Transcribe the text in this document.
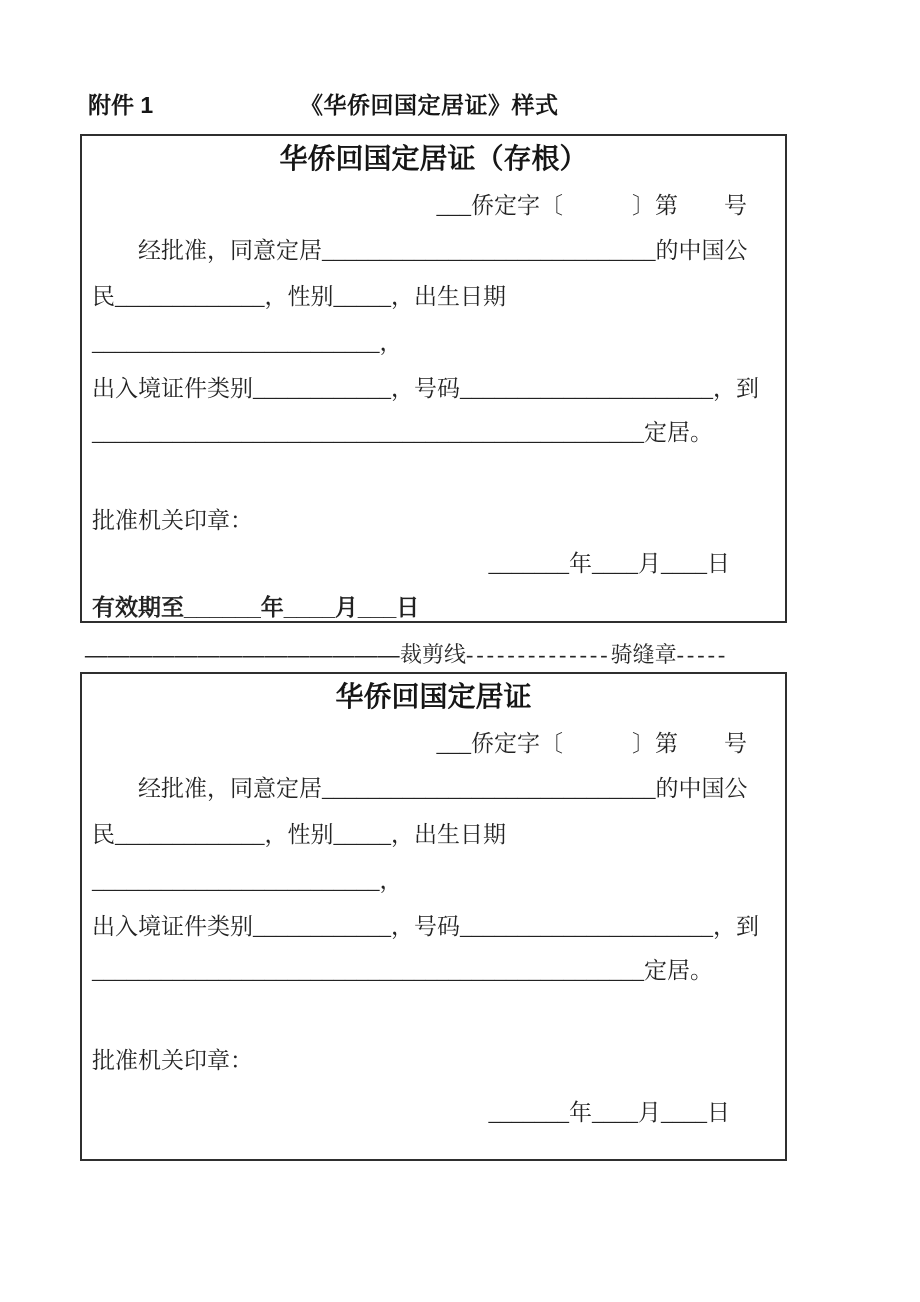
附件 1	《华侨回国定居证》样式
华侨回国定居证（存根）
___侨定字〔　　　〕第　　号
经批准，同意定居_____________________________的中国公
民_____________，性别_____，出生日期
_________________________，
出入境证件类别____________，号码______________________，到
________________________________________________定居。
批准机关印章：
_______年____月____日
有效期至______年____月___日
——————————————裁剪线--------------骑缝章-----
华侨回国定居证
___侨定字〔　　　〕第　　号
经批准，同意定居_____________________________的中国公
民_____________，性别_____，出生日期
_________________________，
出入境证件类别____________，号码______________________，到
________________________________________________定居。
批准机关印章：
_______年____月____日
